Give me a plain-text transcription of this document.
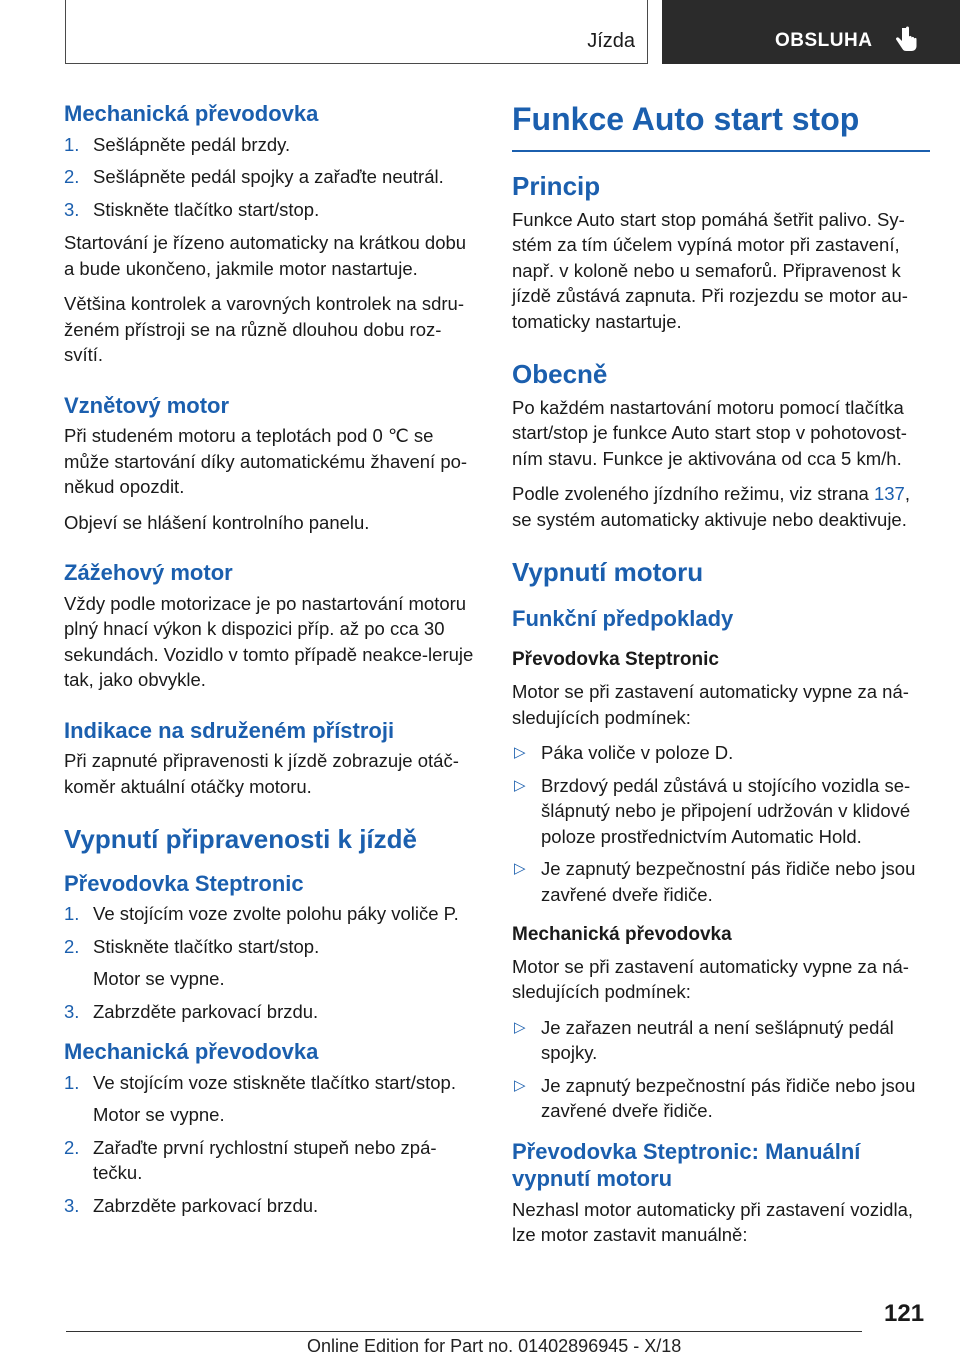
Jízda	OBSLUHA
Mechanická převodovka
1. Sešlápněte pedál brzdy.
2. Sešlápněte pedál spojky a zařaďte neutrál.
3. Stiskněte tlačítko start/stop.

Startování je řízeno automaticky na krátkou dobu a bude ukončeno, jakmile motor nastartuje.

Většina kontrolek a varovných kontrolek na sdru-ženém přístroji se na různě dlouhou dobu roz-svítí.

Vznětový motor

Při studeném motoru a teplotách pod 0 ℃ se může startování díky automatickému žhavení po-někud opozdit.

Objeví se hlášení kontrolního panelu.

Zážehový motor

Vždy podle motorizace je po nastartování motoru plný hnací výkon k dispozici příp. až po cca 30 sekundách. Vozidlo v tomto případě neakce-leruje tak, jako obvykle.

Indikace na sdruženém přístroji

Při zapnuté připravenosti k jízdě zobrazuje otáč-koměr aktuální otáčky motoru.

Vypnutí připravenosti k jízdě
Převodovka Steptronic
1. Ve stojícím voze zvolte polohu páky voliče P.
2. Stiskněte tlačítko start/stop.
Motor se vypne.
3. Zabrzděte parkovací brzdu.
Mechanická převodovka
1. Ve stojícím voze stiskněte tlačítko start/stop.
Motor se vypne.
2. Zařaďte první rychlostní stupeň nebo zpá-tečku.
3. Zabrzděte parkovací brzdu.
Funkce Auto start stop
Princip

Funkce Auto start stop pomáhá šetřit palivo. Sy-stém za tím účelem vypíná motor při zastavení, např. v koloně nebo u semaforů. Připravenost k jízdě zůstává zapnuta. Při rozjezdu se motor au-tomaticky nastartuje.

Obecně

Po každém nastartování motoru pomocí tlačítka start/stop je funkce Auto start stop v pohotovost-ním stavu. Funkce je aktivována od cca 5 km/h.

Podle zvoleného jízdního režimu, viz strana 137, se systém automaticky aktivuje nebo deaktivuje.

Vypnutí motoru
Funkční předpoklady
Převodovka Steptronic

Motor se při zastavení automaticky vypne za ná-sledujících podmínek:

▷ Páka voliče v poloze D.
▷ Brzdový pedál zůstává u stojícího vozidla se-šlápnutý nebo je připojení udržován v klidové poloze prostřednictvím Automatic Hold.
▷ Je zapnutý bezpečnostní pás řidiče nebo jsou zavřené dveře řidiče.
Mechanická převodovka

Motor se při zastavení automaticky vypne za ná-sledujících podmínek:

▷ Je zařazen neutrál a není sešlápnutý pedál spojky.
▷ Je zapnutý bezpečnostní pás řidiče nebo jsou zavřené dveře řidiče.
Převodovka Steptronic: Manuální vypnutí motoru

Nezhasl motor automaticky při zastavení vozidla, lze motor zastavit manuálně:

121
Online Edition for Part no. 01402896945 - X/18
